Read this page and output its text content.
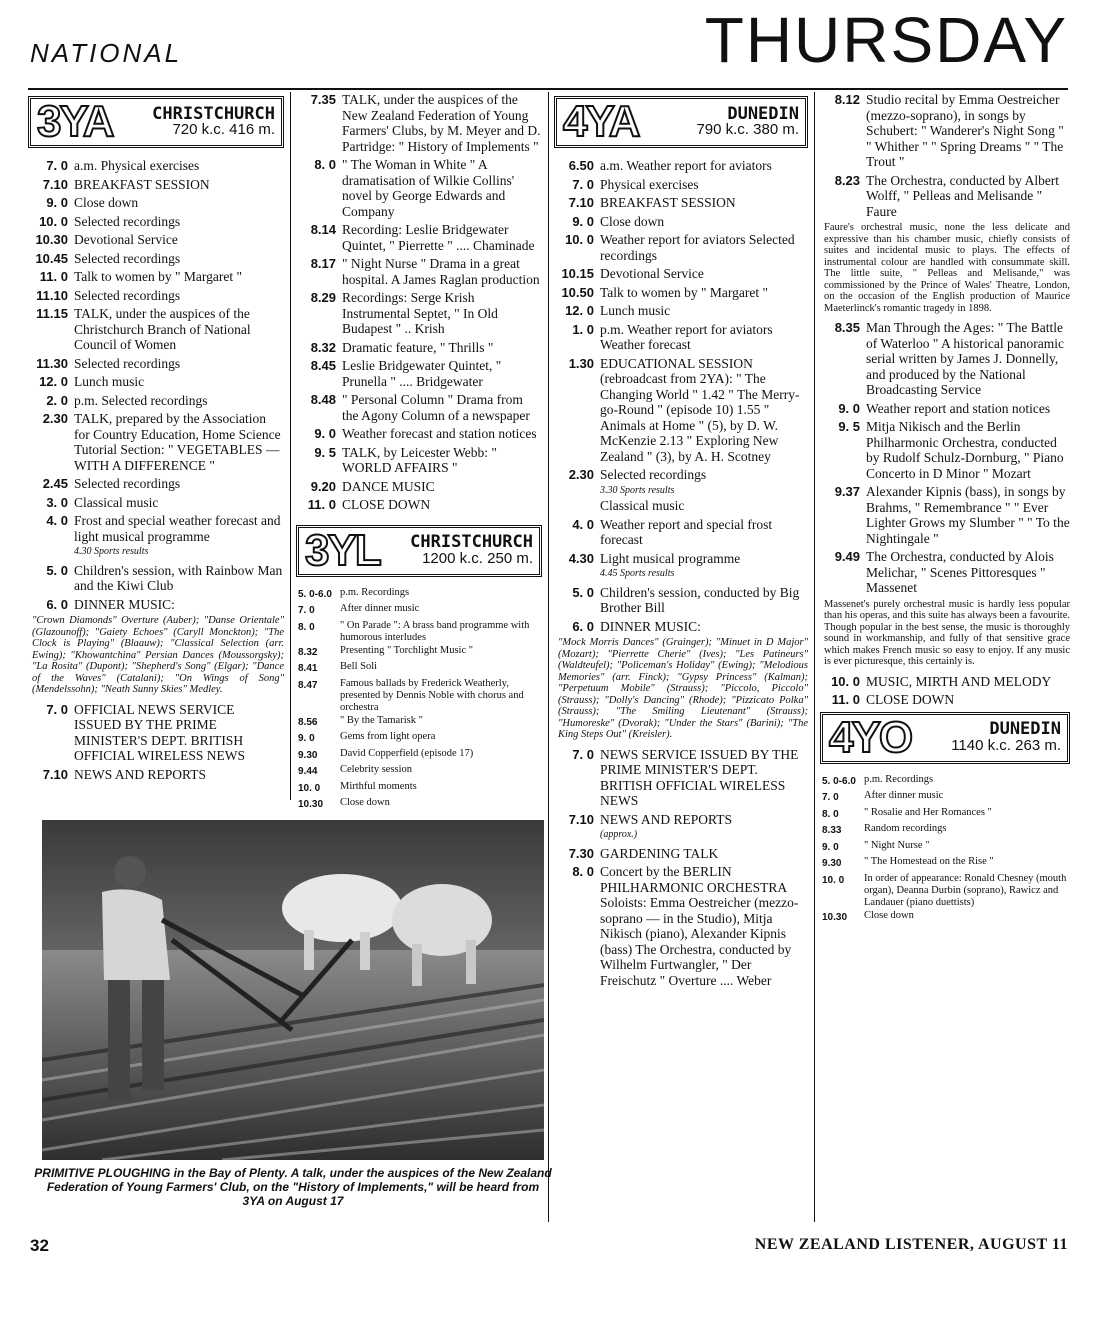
NATIONAL	THURSDAY
3YA	CHRISTCHURCH
720 k.c. 416 m.
7. 0 a.m. Physical exercises
7.10 BREAKFAST SESSION
9. 0 Close down
10. 0 Selected recordings
10.30 Devotional Service
10.45 Selected recordings
11. 0 Talk to women by " Margaret "
11.10 Selected recordings
11.15 TALK, under the auspices of the Christchurch Branch of National Council of Women
11.30 Selected recordings
12. 0 Lunch music
2. 0 p.m. Selected recordings
2.30 TALK, prepared by the Association for Country Education, Home Science Tutorial Section: " VEGETABLES — WITH A DIFFERENCE "
2.45 Selected recordings
3. 0 Classical music
4. 0 Frost and special weather forecast and light musical programme
4.30 Sports results
5. 0 Children's session, with Rainbow Man and the Kiwi Club
6. 0 DINNER MUSIC:
"Crown Diamonds" Overture (Auber); "Danse Orientale" (Glazounoff); "Gaiety Echoes" (Caryll Monckton); "The Clock is Playing" (Blaauw); "Classical Selection (arr. Ewing); "Khowantchina" Persian Dances (Moussorgsky); "La Rosita" (Dupont); "Shepherd's Song" (Elgar); "Dance of the Waves" (Catalani); "On Wings of Song" (Mendelssohn); "Neath Sunny Skies" Medley.
7. 0 OFFICIAL NEWS SERVICE ISSUED BY THE PRIME MINISTER'S DEPT. BRITISH OFFICIAL WIRELESS NEWS
7.10 NEWS AND REPORTS
7.35 TALK, under the auspices of the New Zealand Federation of Young Farmers' Clubs, by M. Meyer and D. Partridge: " History of Implements "
8. 0 " The Woman in White " A dramatisation of Wilkie Collins' novel by George Edwards and Company
8.14 Recording: Leslie Bridgewater Quintet, " Pierrette " .... Chaminade
8.17 " Night Nurse " Drama in a great hospital. A James Raglan production
8.29 Recordings: Serge Krish Instrumental Septet, " In Old Budapest " .. Krish
8.32 Dramatic feature, " Thrills "
8.45 Leslie Bridgewater Quintet, " Prunella " .... Bridgewater
8.48 " Personal Column " Drama from the Agony Column of a newspaper
9. 0 Weather forecast and station notices
9. 5 TALK, by Leicester Webb: " WORLD AFFAIRS "
9.20 DANCE MUSIC
11. 0 CLOSE DOWN
3YL	CHRISTCHURCH
1200 k.c. 250 m.
5. 0-6.0 p.m. Recordings
7. 0	After dinner music
8. 0	" On Parade ": A brass band programme with humorous interludes
8.32	Presenting " Torchlight Music "
8.41	Bell Soli
8.47	Famous ballads by Frederick Weatherly, presented by Dennis Noble with chorus and orchestra
8.56	" By the Tamarisk "
9. 0	Gems from light opera
9.30	David Copperfield (episode 17)
9.44	Celebrity session
10. 0	Mirthful moments
10.30	Close down
4YA	DUNEDIN
790 k.c. 380 m.
6.50 a.m. Weather report for aviators
7. 0 Physical exercises
7.10 BREAKFAST SESSION
9. 0 Close down
10. 0 Weather report for aviators Selected recordings
10.15 Devotional Service
10.50 Talk to women by " Margaret "
12. 0 Lunch music
1. 0 p.m. Weather report for aviators Weather forecast
1.30 EDUCATIONAL SESSION (rebroadcast from 2YA): " The Changing World " 1.42 " The Merry-go-Round " (episode 10) 1.55 " Animals at Home " (5), by D. W. McKenzie 2.13 " Exploring New Zealand " (3), by A. H. Scotney
2.30 Selected recordings
3.30 Sports results
Classical music
4. 0 Weather report and special frost forecast
4.30 Light musical programme
4.45 Sports results
5. 0 Children's session, conducted by Big Brother Bill
6. 0 DINNER MUSIC:
"Mock Morris Dances" (Grainger); "Minuet in D Major" (Mozart); "Pierrette Cherie" (Ives); "Les Patineurs" (Waldteufel); "Policeman's Holiday" (Ewing); "Melodious Memories" (arr. Finck); "Gypsy Princess" (Kalman); "Perpetuum Mobile" (Strauss); "Piccolo, Piccolo" (Strauss); "Dolly's Dancing" (Rhode); "Pizzicato Polka" (Strauss); "The Smiling Lieutenant" (Strauss); "Humoreske" (Dvorak); "Under the Stars" (Barini); "The King Steps Out" (Kreisler).
7. 0 NEWS SERVICE ISSUED BY THE PRIME MINISTER'S DEPT. BRITISH OFFICIAL WIRELESS NEWS
7.10 NEWS AND REPORTS
(approx.)
7.30 GARDENING TALK
8. 0 Concert by the BERLIN PHILHARMONIC ORCHESTRA Soloists: Emma Oestreicher (mezzo-soprano — in the Studio), Mitja Nikisch (piano), Alexander Kipnis (bass) The Orchestra, conducted by Wilhelm Furtwangler, " Der Freischutz " Overture .... Weber
8.12 Studio recital by Emma Oestreicher (mezzo-soprano), in songs by Schubert: " Wanderer's Night Song " " Whither " " Spring Dreams " " The Trout "
8.23 The Orchestra, conducted by Albert Wolff, " Pelleas and Melisande " Faure
Faure's orchestral music, none the less delicate and expressive than his chamber music, chiefly consists of suites and incidental music to plays. The effects of instrumental colour are handled with consummate skill. The little suite, " Pelleas and Melisande," was commissioned by the Prince of Wales' Theatre, London, on the occasion of the English production of Maurice Maeterlinck's romantic tragedy in 1898.
8.35 Man Through the Ages: " The Battle of Waterloo " A historical panoramic serial written by James J. Donnelly, and produced by the National Broadcasting Service
9. 0 Weather report and station notices
9. 5 Mitja Nikisch and the Berlin Philharmonic Orchestra, conducted by Rudolf Schulz-Dornburg, " Piano Concerto in D Minor " Mozart
9.37 Alexander Kipnis (bass), in songs by Brahms, " Remembrance " " Ever Lighter Grows my Slumber " " To the Nightingale "
9.49 The Orchestra, conducted by Alois Melichar, " Scenes Pittoresques " Massenet
Massenet's purely orchestral music is hardly less popular than his operas, and this suite has always been a favourite. Though popular in the best sense, the music is thoroughly sound in workmanship, and fully of that sensitive grace which makes French music so easy to enjoy. If any music is ever picturesque, this certainly is.
10. 0 MUSIC, MIRTH AND MELODY
11. 0 CLOSE DOWN
4YO	DUNEDIN
1140 k.c. 263 m.
5. 0-6.0 p.m. Recordings
7. 0	After dinner music
8. 0	" Rosalie and Her Romances "
8.33	Random recordings
9. 0	" Night Nurse "
9.30	" The Homestead on the Rise "
10. 0	In order of appearance: Ronald Chesney (mouth organ), Deanna Durbin (soprano), Rawicz and Landauer (piano duettists)
10.30	Close down
PRIMITIVE PLOUGHING in the Bay of Plenty. A talk, under the auspices of the New Zealand Federation of Young Farmers' Club, on the "History of Implements," will be heard from 3YA on August 17
32	NEW ZEALAND LISTENER, AUGUST 11
